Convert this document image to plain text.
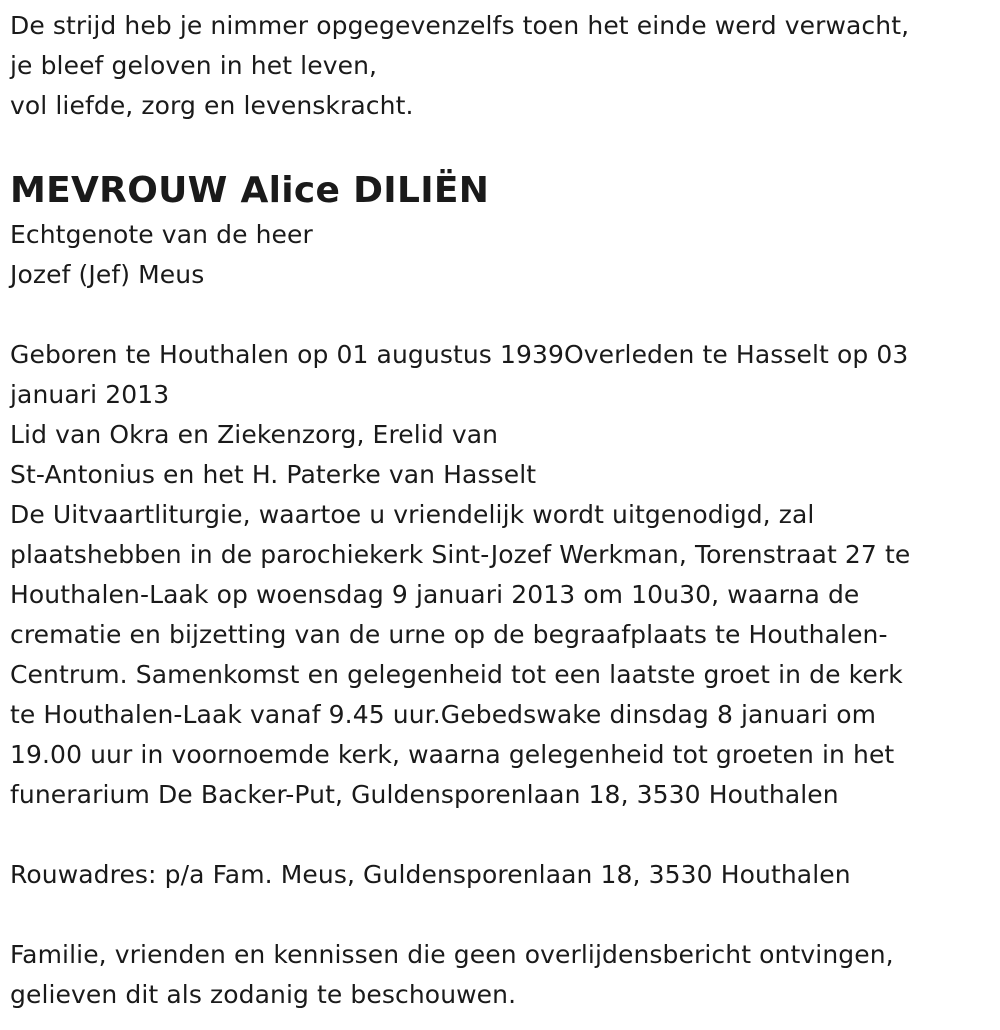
De strijd heb je nimmer opgegevenzelfs toen het einde werd verwacht,
je bleef geloven in het leven,
vol liefde, zorg en levenskracht.
MEVROUW Alice DILIËN
Echtgenote van de heer
Jozef (Jef) Meus
Geboren te Houthalen op 01 augustus 1939Overleden te Hasselt op 03
januari 2013
Lid van Okra en Ziekenzorg, Erelid van
St-Antonius en het H. Paterke van Hasselt
De Uitvaartliturgie, waartoe u vriendelijk wordt uitgenodigd, zal
plaatshebben in de parochiekerk Sint-Jozef Werkman, Torenstraat 27 te
Houthalen-Laak op woensdag 9 januari 2013 om 10u30, waarna de
crematie en bijzetting van de urne op de begraafplaats te Houthalen-
Centrum. Samenkomst en gelegenheid tot een laatste groet in de kerk
te Houthalen-Laak vanaf 9.45 uur.Gebedswake dinsdag 8 januari om
19.00 uur in voornoemde kerk, waarna gelegenheid tot groeten in het
funerarium De Backer-Put, Guldensporenlaan 18, 3530 Houthalen
Rouwadres: p/a Fam. Meus, Guldensporenlaan 18, 3530 Houthalen
Familie, vrienden en kennissen die geen overlijdensbericht ontvingen,
gelieven dit als zodanig te beschouwen.
